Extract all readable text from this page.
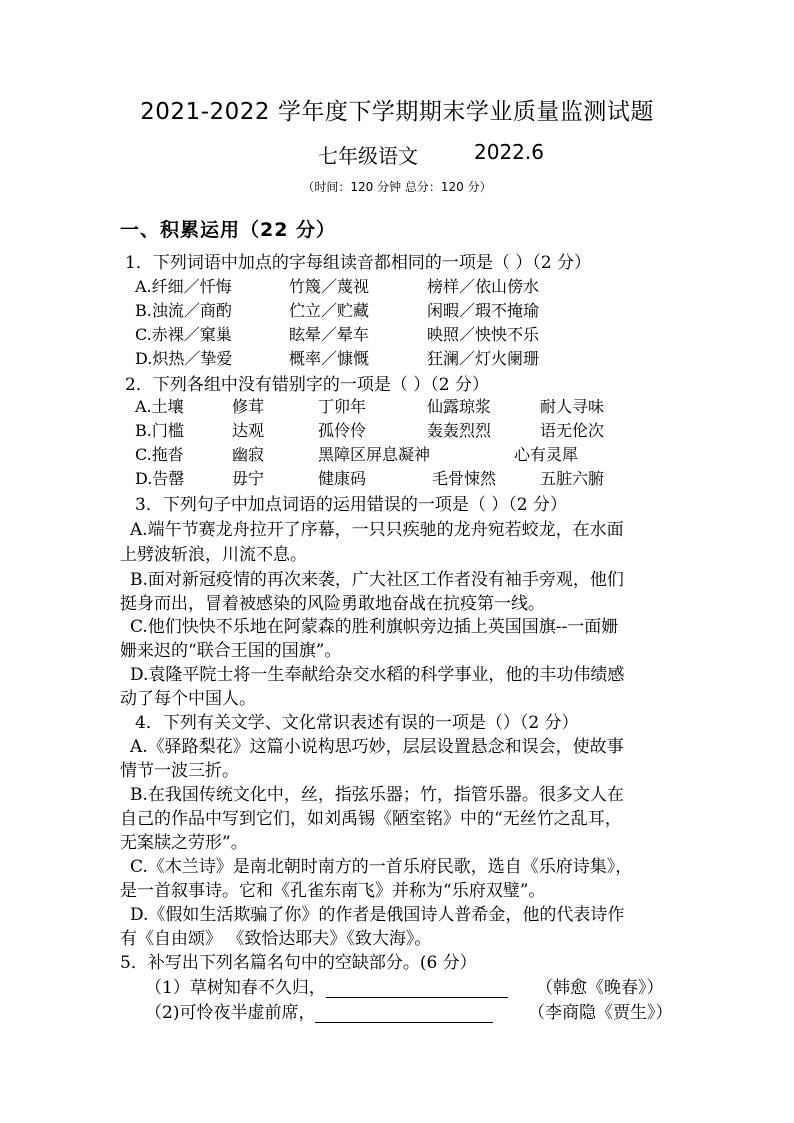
2021-2022 学年度下学期期末学业质量监测试题
七年级语文	2022.6
（时间：120 分钟 总分：120 分）
一、积累运用（22 分）
1．下列词语中加点的字每组读音都相同的一项是（ ）（2 分）
A.纤细／忏悔	竹篾／蔑视	榜样／依山傍水
B.浊流／商酌	伫立／贮藏	闲暇／瑕不掩瑜
C.赤裸／窠巢	眩晕／晕车	映照／怏怏不乐
D.炽热／挚爱	概率／慷慨	狂澜／灯火阑珊
2．下列各组中没有错别字的一项是（ ）（2 分）
A.土壤	修茸	丁卯年	仙露琼浆	耐人寻味
B.门槛	达观	孤伶伶	轰轰烈烈	语无伦次
C.拖沓	幽寂	黑障区屏息凝神	心有灵犀
D.告罄	毋宁	健康码	毛骨悚然	五脏六腑
3．下列句子中加点词语的运用错误的一项是（ ）（2 分）
A.端午节赛龙舟拉开了序幕，一只只疾驰的龙舟宛若蛟龙，在水面
上劈波斩浪，川流不息。
B.面对新冠疫情的再次来袭，广大社区工作者没有袖手旁观，他们
挺身而出，冒着被感染的风险勇敢地奋战在抗疫第一线。
C.他们快快不乐地在阿蒙森的胜利旗帜旁边插上英国国旗--一面姗
姗来迟的“联合王国的国旗”。
D.袁隆平院士将一生奉献给杂交水稻的科学事业，他的丰功伟绩感
动了每个中国人。
4．下列有关文学、文化常识表述有误的一项是（）（2 分）
A.《驿路梨花》这篇小说构思巧妙，层层设置悬念和误会，使故事
情节一波三折。
B.在我国传统文化中，丝，指弦乐器；竹，指管乐器。很多文人在
自己的作品中写到它们，如刘禹锡《陋室铭》中的“无丝竹之乱耳，
无案牍之劳形”。
C.《木兰诗》是南北朝时南方的一首乐府民歌，选自《乐府诗集》，
是一首叙事诗。它和《孔雀东南飞》并称为“乐府双璧”。
D.《假如生活欺骗了你》的作者是俄国诗人普希金，他的代表诗作
有《自由颂》 《致恰达耶夫》《致大海》。
5．补写出下列名篇名句中的空缺部分。(6 分）
（1）草树知春不久归，	（韩愈《晚春》）
（2)可怜夜半虚前席，	（李商隐《贾生》）
